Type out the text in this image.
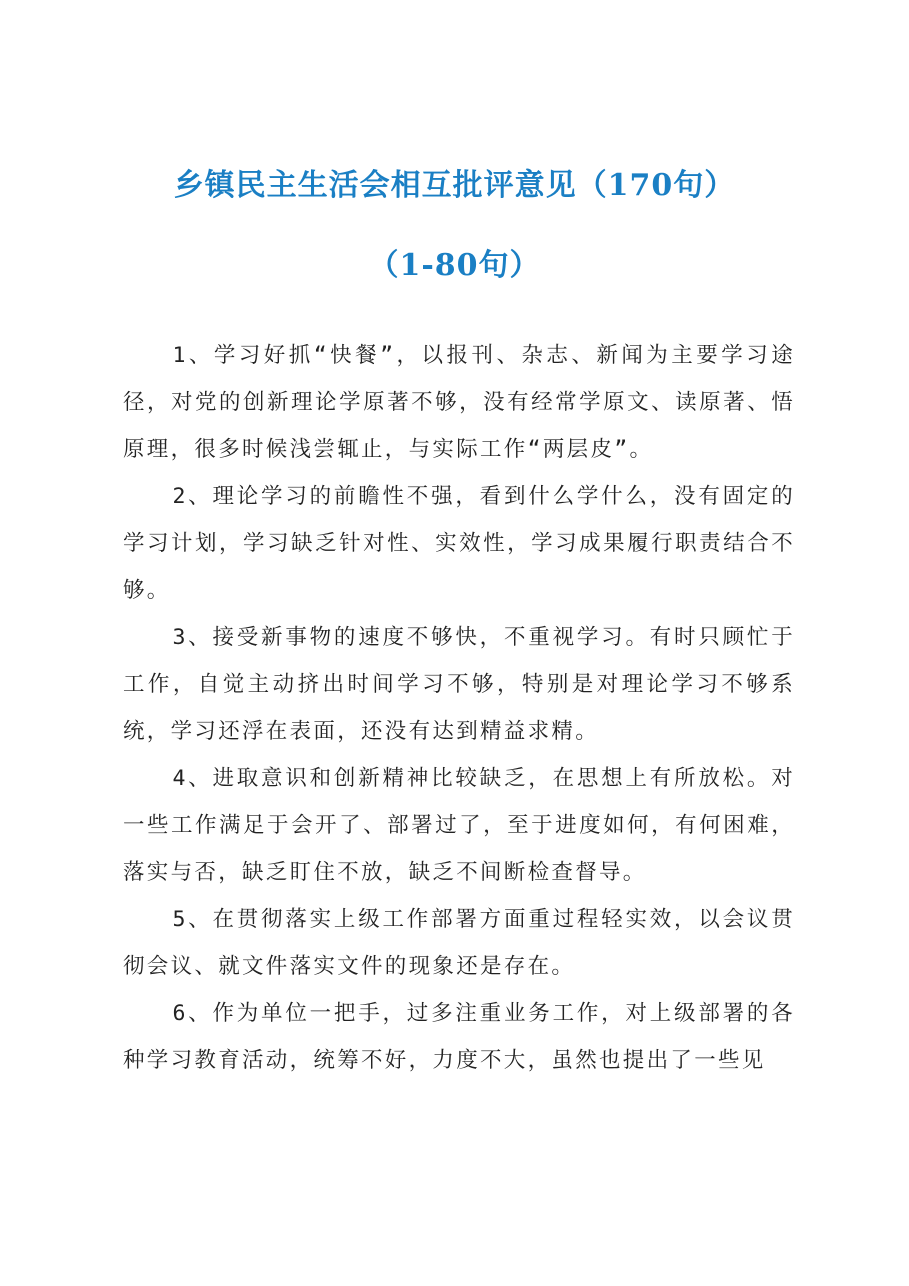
乡镇民主生活会相互批评意见（170句）
（1-80句）

1、学习好抓“快餐”，以报刊、杂志、新闻为主要学习途径，对党的创新理论学原著不够，没有经常学原文、读原著、悟原理，很多时候浅尝辄止，与实际工作“两层皮”。

2、理论学习的前瞻性不强，看到什么学什么，没有固定的学习计划，学习缺乏针对性、实效性，学习成果履行职责结合不够。

3、接受新事物的速度不够快，不重视学习。有时只顾忙于工作，自觉主动挤出时间学习不够，特别是对理论学习不够系统，学习还浮在表面，还没有达到精益求精。

4、进取意识和创新精神比较缺乏，在思想上有所放松。对一些工作满足于会开了、部署过了，至于进度如何，有何困难，落实与否，缺乏盯住不放，缺乏不间断检查督导。

5、在贯彻落实上级工作部署方面重过程轻实效，以会议贯彻会议、就文件落实文件的现象还是存在。

6、作为单位一把手，过多注重业务工作，对上级部署的各种学习教育活动，统筹不好，力度不大，虽然也提出了一些见
